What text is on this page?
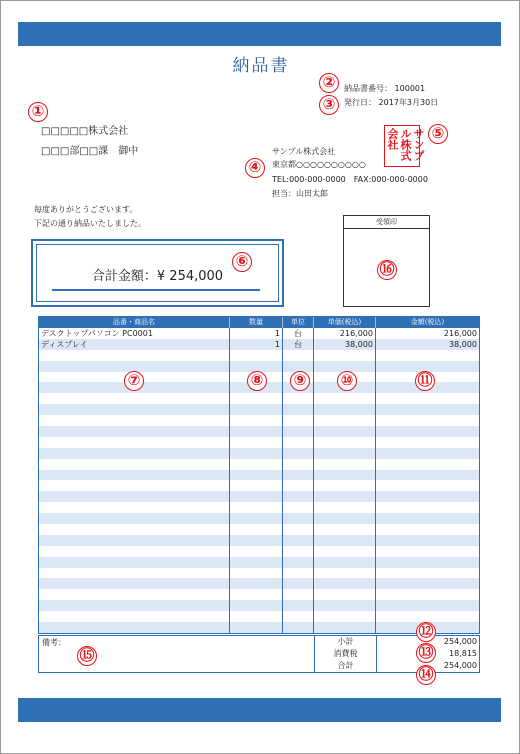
納品書
納品書番号： 100001
発行日： 2017年3月30日
□□□□□株式会社
□□□部□□課　御中	サンプル株式会社
東京都○○○○○○○○○○
TEL:000-000-0000　FAX:000-000-0000
担当：山田太郎
サンプ
ル株式
会社
毎度ありがとうございます。
下記の通り納品いたしました。
合計金額：¥ 254,000
受領印
品番・商品名	数量	単位	単価(税込)	金額(税込)
デスクトップパソコン PC0001	1	台	216,000	216,000
ディスプレイ	1	台	38,000	38,000
備考：	小計	254,000
消費税	18,815
合計	254,000
①
②
③
④
⑤
⑥
⑦	⑧ ⑨ ⑩	⑪
⑫
⑬
⑭
⑮
⑯
